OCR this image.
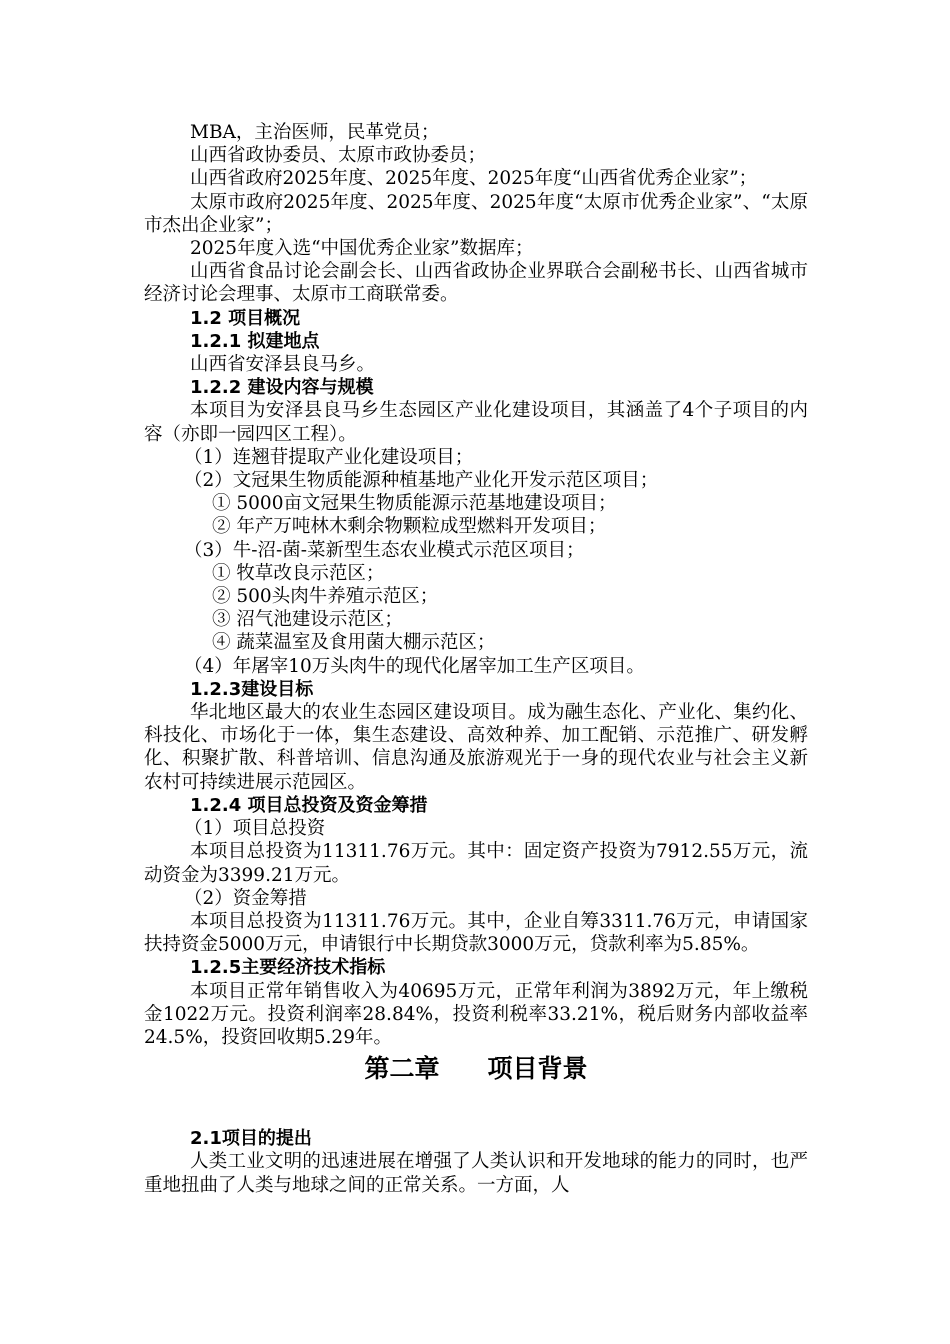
MBA，主治医师，民革党员；

山西省政协委员、太原市政协委员；

山西省政府2025年度、2025年度、2025年度“山西省优秀企业家”；

太原市政府2025年度、2025年度、2025年度“太原市优秀企业家”、“太原市杰出企业家”；

2025年度入选“中国优秀企业家”数据库；

山西省食品讨论会副会长、山西省政协企业界联合会副秘书长、山西省城市经济讨论会理事、太原市工商联常委。

1.2 项目概况

1.2.1 拟建地点

山西省安泽县良马乡。

1.2.2 建设内容与规模

本项目为安泽县良马乡生态园区产业化建设项目，其涵盖了4个子项目的内容（亦即一园四区工程）。

（1）连翘苷提取产业化建设项目；

（2）文冠果生物质能源种植基地产业化开发示范区项目；

① 5000亩文冠果生物质能源示范基地建设项目；

② 年产万吨林木剩余物颗粒成型燃料开发项目；

（3）牛-沼-菌-菜新型生态农业模式示范区项目；

① 牧草改良示范区；

② 500头肉牛养殖示范区；

③ 沼气池建设示范区；

④ 蔬菜温室及食用菌大棚示范区；

（4）年屠宰10万头肉牛的现代化屠宰加工生产区项目。

1.2.3建设目标

华北地区最大的农业生态园区建设项目。成为融生态化、产业化、集约化、科技化、市场化于一体，集生态建设、高效种养、加工配销、示范推广、研发孵化、积聚扩散、科普培训、信息沟通及旅游观光于一身的现代农业与社会主义新农村可持续进展示范园区。

1.2.4 项目总投资及资金筹措

（1）项目总投资

本项目总投资为11311.76万元。其中：固定资产投资为7912.55万元，流动资金为3399.21万元。

（2）资金筹措

本项目总投资为11311.76万元。其中，企业自筹3311.76万元，申请国家扶持资金5000万元，申请银行中长期贷款3000万元，贷款利率为5.85%。

1.2.5主要经济技术指标

本项目正常年销售收入为40695万元，正常年利润为3892万元，年上缴税金1022万元。投资利润率28.84%，投资利税率33.21%，税后财务内部收益率24.5%，投资回收期5.29年。

第二章 项目背景

2.1项目的提出

人类工业文明的迅速进展在增强了人类认识和开发地球的能力的同时，也严重地扭曲了人类与地球之间的正常关系。一方面，人
